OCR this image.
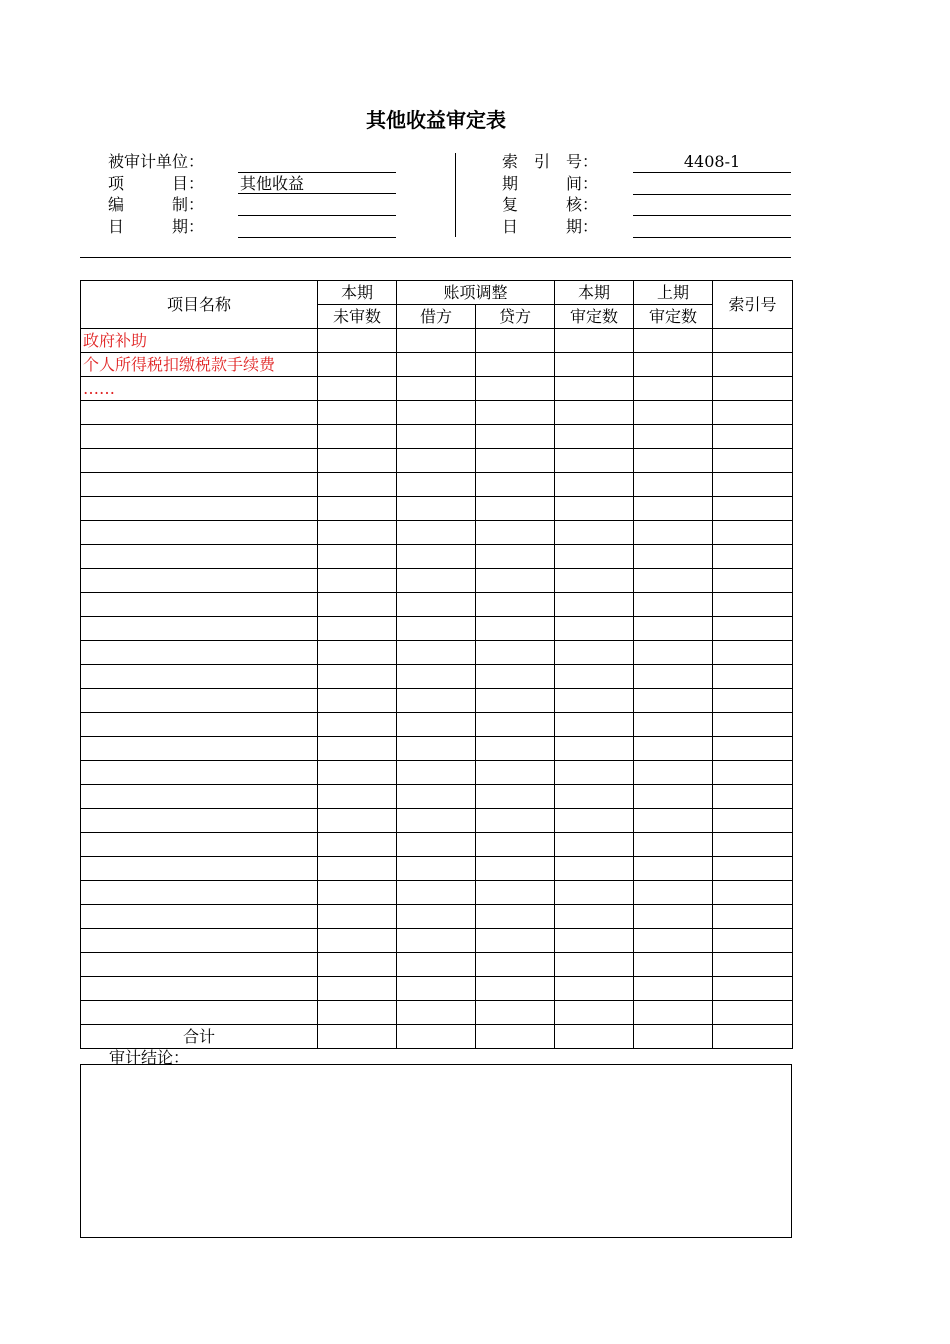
其他收益审定表
被审计单位：
项　　　目： 其他收益
编　　　制：
日　　　期：
索　引　号：	4408-1
期　　　间：
复　　　核：
日　　　期：
项目名称	本期	账项调整		本期	上期	索引号
	未审数	借方	贷方	审定数	审定数	
政府补助						
个人所得税扣缴税款手续费						
……						

合计						
审计结论：
